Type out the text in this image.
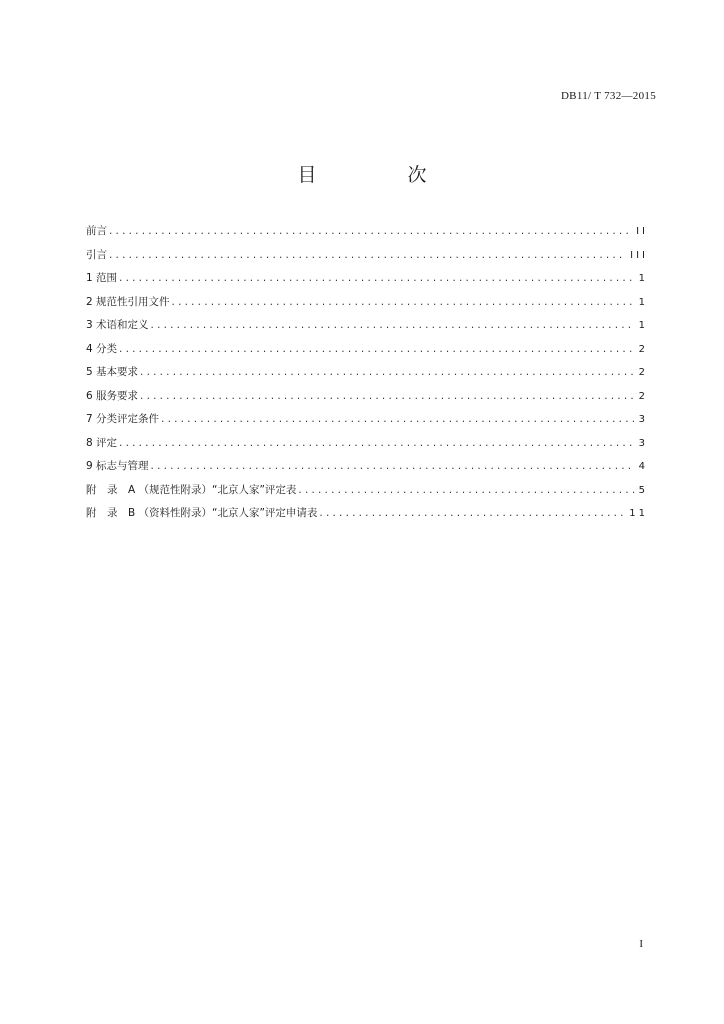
DB11/ T 732—2015
目　次
前言 .....	II
引言 .....	III
1 范围 .....	1
2 规范性引用文件 .....	1
3 术语和定义 .....	1
4 分类 .....	2
5 基本要求 .....	2
6 服务要求 .....	2
7 分类评定条件 .....	3
8 评定 .....	3
9 标志与管理 .....	4
附　录　A （规范性附录）“北京人家”评定表 .....	5
附　录　B （资料性附录）“北京人家”评定申请表 .....	11
I
